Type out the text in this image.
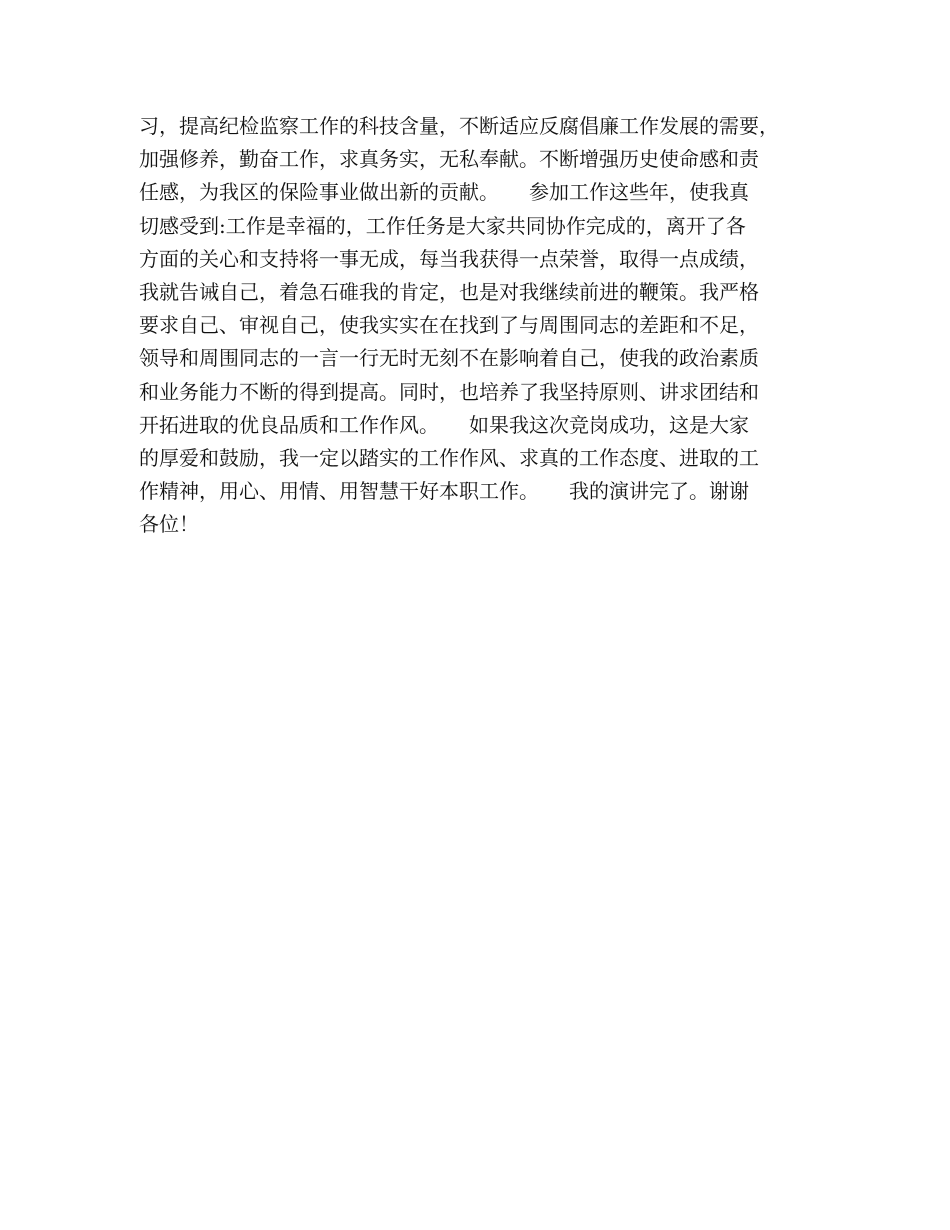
习，提高纪检监察工作的科技含量，不断适应反腐倡廉工作发展的需要，
加强修养，勤奋工作，求真务实，无私奉献。不断增强历史使命感和责
任感，为我区的保险事业做出新的贡献。　　参加工作这些年，使我真
切感受到:工作是幸福的，工作任务是大家共同协作完成的，离开了各
方面的关心和支持将一事无成，每当我获得一点荣誉，取得一点成绩，
我就告诫自己，着急石碓我的肯定，也是对我继续前进的鞭策。我严格
要求自己、审视自己，使我实实在在找到了与周围同志的差距和不足，
领导和周围同志的一言一行无时无刻不在影响着自己，使我的政治素质
和业务能力不断的得到提高。同时，也培养了我坚持原则、讲求团结和
开拓进取的优良品质和工作作风。　　如果我这次竞岗成功，这是大家
的厚爱和鼓励，我一定以踏实的工作作风、求真的工作态度、进取的工
作精神，用心、用情、用智慧干好本职工作。　　我的演讲完了。谢谢
各位！
